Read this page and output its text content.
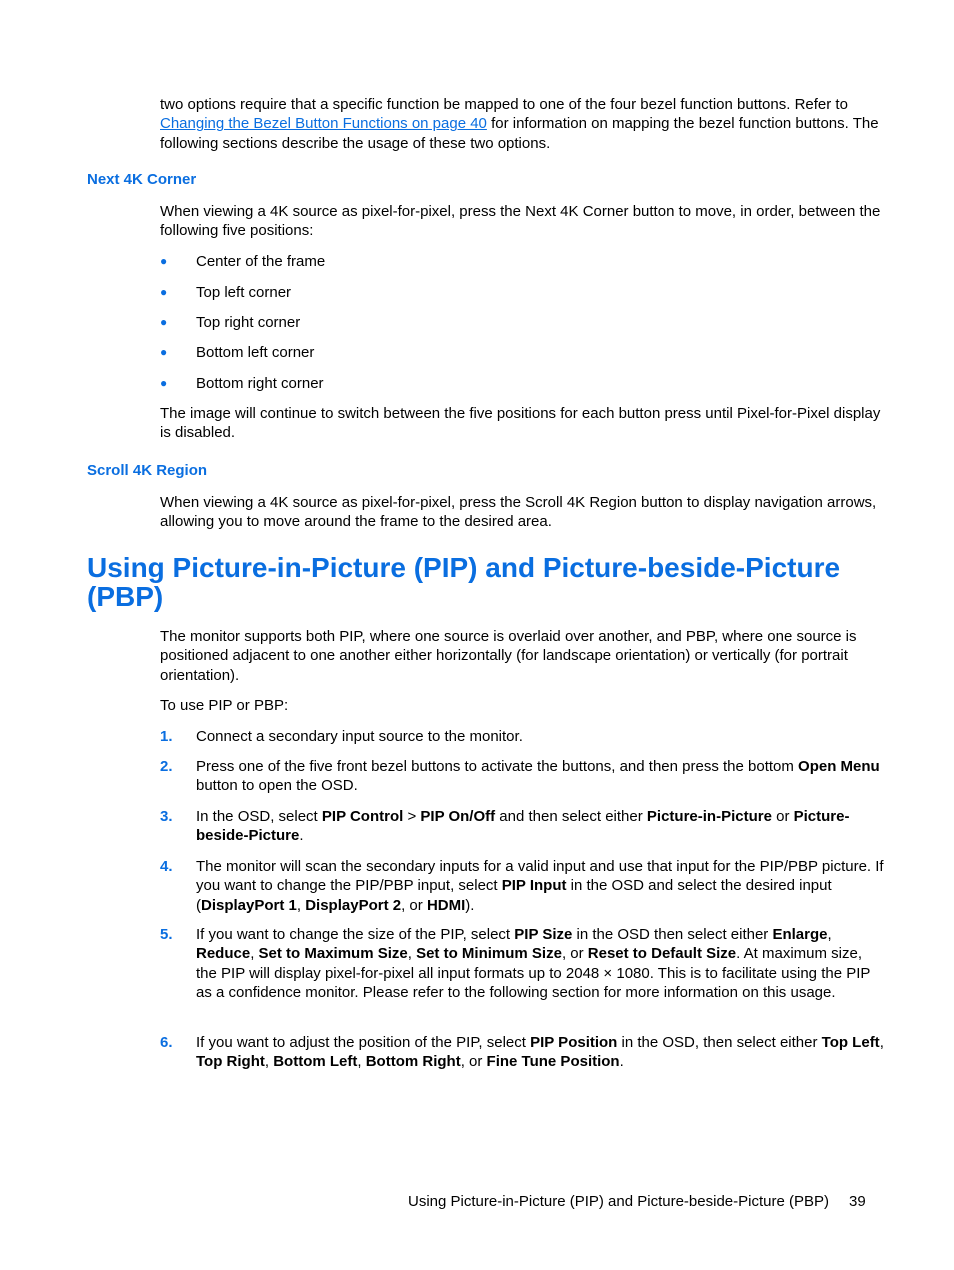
two options require that a specific function be mapped to one of the four bezel function buttons. Refer to Changing the Bezel Button Functions on page 40 for information on mapping the bezel function buttons. The following sections describe the usage of these two options.

Next 4K Corner

When viewing a 4K source as pixel-for-pixel, press the Next 4K Corner button to move, in order, between the following five positions:

● Center of the frame
● Top left corner
● Top right corner
● Bottom left corner
● Bottom right corner

The image will continue to switch between the five positions for each button press until Pixel-for-Pixel display is disabled.

Scroll 4K Region

When viewing a 4K source as pixel-for-pixel, press the Scroll 4K Region button to display navigation arrows, allowing you to move around the frame to the desired area.

Using Picture-in-Picture (PIP) and Picture-beside-Picture (PBP)

The monitor supports both PIP, where one source is overlaid over another, and PBP, where one source is positioned adjacent to one another either horizontally (for landscape orientation) or vertically (for portrait orientation).

To use PIP or PBP:

1. Connect a secondary input source to the monitor.
2. Press one of the five front bezel buttons to activate the buttons, and then press the bottom Open Menu button to open the OSD.
3. In the OSD, select PIP Control > PIP On/Off and then select either Picture-in-Picture or Picture-beside-Picture.
4. The monitor will scan the secondary inputs for a valid input and use that input for the PIP/PBP picture. If you want to change the PIP/PBP input, select PIP Input in the OSD and select the desired input (DisplayPort 1, DisplayPort 2, or HDMI).
5. If you want to change the size of the PIP, select PIP Size in the OSD then select either Enlarge, Reduce, Set to Maximum Size, Set to Minimum Size, or Reset to Default Size. At maximum size, the PIP will display pixel-for-pixel all input formats up to 2048 × 1080. This is to facilitate using the PIP as a confidence monitor. Please refer to the following section for more information on this usage.
6. If you want to adjust the position of the PIP, select PIP Position in the OSD, then select either Top Left, Top Right, Bottom Left, Bottom Right, or Fine Tune Position.
Using Picture-in-Picture (PIP) and Picture-beside-Picture (PBP) 39
